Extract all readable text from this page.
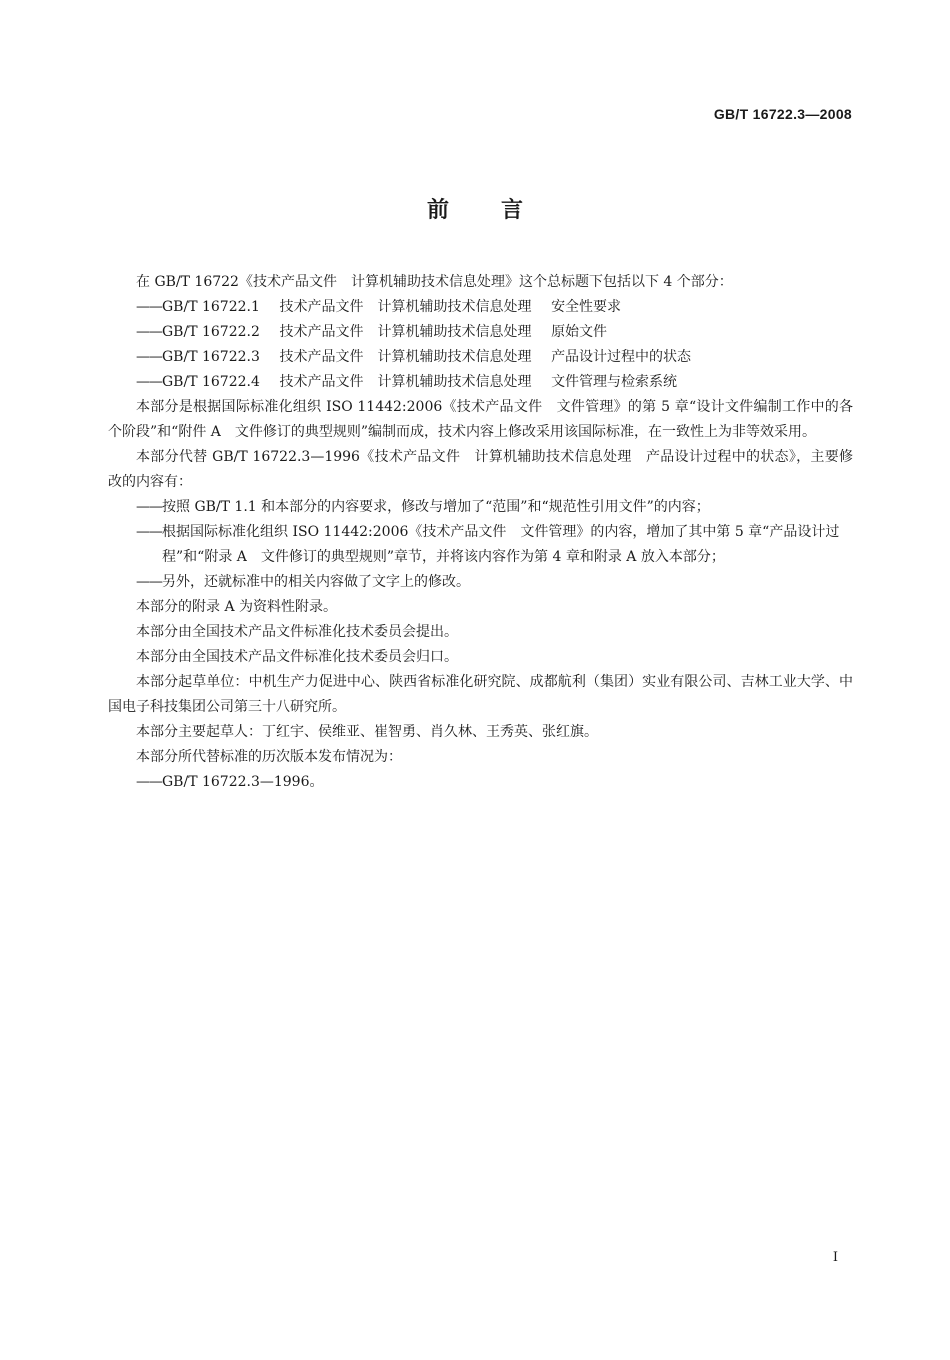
GB/T 16722.3—2008
前言

在 GB/T 16722《技术产品文件　计算机辅助技术信息处理》这个总标题下包括以下 4 个部分：

——GB/T 16722.1 技术产品文件　计算机辅助技术信息处理 安全性要求

——GB/T 16722.2 技术产品文件　计算机辅助技术信息处理 原始文件

——GB/T 16722.3 技术产品文件　计算机辅助技术信息处理 产品设计过程中的状态

——GB/T 16722.4 技术产品文件　计算机辅助技术信息处理 文件管理与检索系统

本部分是根据国际标准化组织 ISO 11442:2006《技术产品文件　文件管理》的第 5 章“设计文件编制工作中的各个阶段”和“附件 A　文件修订的典型规则”编制而成，技术内容上修改采用该国际标准，在一致性上为非等效采用。

本部分代替 GB/T 16722.3—1996《技术产品文件　计算机辅助技术信息处理　产品设计过程中的状态》，主要修改的内容有：

—— 按照 GB/T 1.1 和本部分的内容要求，修改与增加了“范围”和“规范性引用文件”的内容；
—— 根据国际标准化组织 ISO 11442:2006《技术产品文件　文件管理》的内容，增加了其中第 5 章“产品设计过程”和“附录 A　文件修订的典型规则”章节，并将该内容作为第 4 章和附录 A 放入本部分；
—— 另外，还就标准中的相关内容做了文字上的修改。

本部分的附录 A 为资料性附录。

本部分由全国技术产品文件标准化技术委员会提出。

本部分由全国技术产品文件标准化技术委员会归口。

本部分起草单位：中机生产力促进中心、陕西省标准化研究院、成都航利（集团）实业有限公司、吉林工业大学、中国电子科技集团公司第三十八研究所。

本部分主要起草人：丁红宇、侯维亚、崔智勇、肖久林、王秀英、张红旗。

本部分所代替标准的历次版本发布情况为：

——GB/T 16722.3—1996。

I
